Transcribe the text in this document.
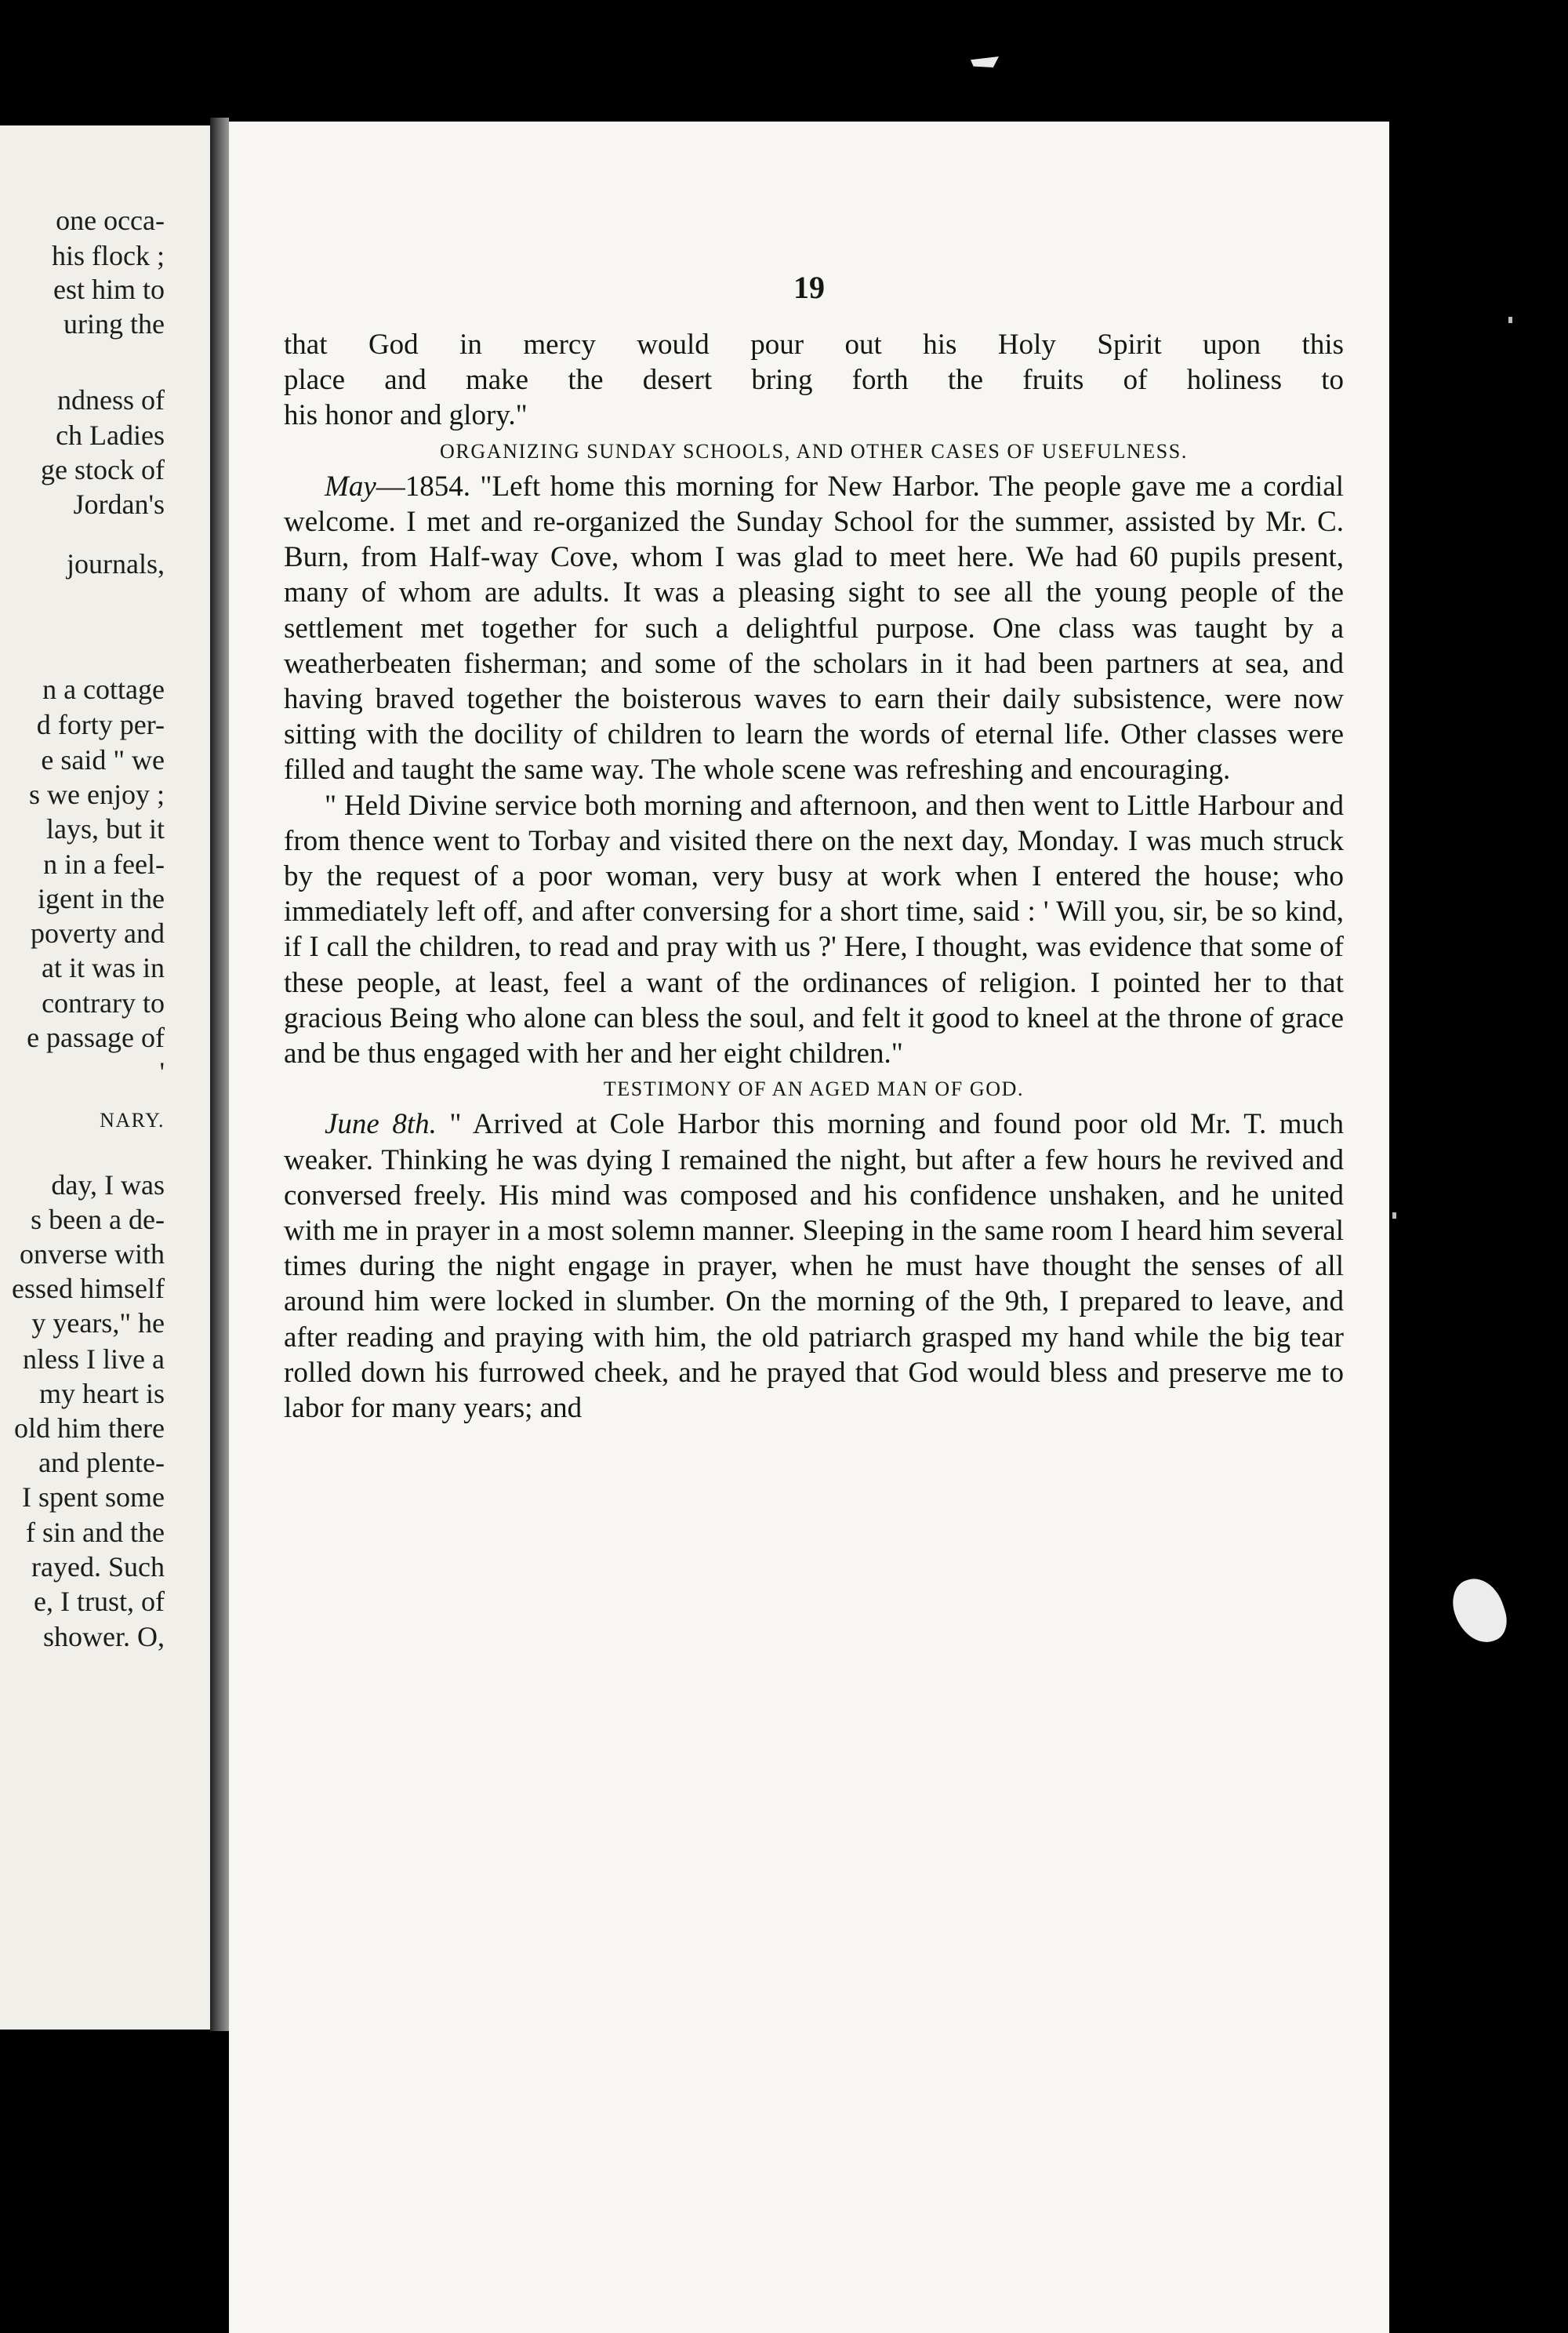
one occa-
his flock ;
est him to
uring the
ndness of
ch Ladies
ge stock of
Jordan's
journals,
n a cottage
d forty per-
e said " we
s we enjoy ;
lays, but it
n in a feel-
igent in the
poverty and
at it was in
contrary to
e passage of
'
NARY.
day, I was
s been a de-
onverse with
essed himself
y years," he
nless I live a
my heart is
old him there
and plente-
I spent some
f sin and the
rayed. Such
e, I trust, of
shower. O,
19

that God in mercy would pour out his Holy Spirit upon this
place and make the desert bring forth the fruits of holiness to
his honor and glory."

ORGANIZING SUNDAY SCHOOLS, AND OTHER CASES OF USEFULNESS.

May—1854. "Left home this morning for New Harbor. The people gave me a cordial welcome. I met and re-organized the Sunday School for the summer, assisted by Mr. C. Burn, from Half-way Cove, whom I was glad to meet here. We had 60 pupils present, many of whom are adults. It was a pleasing sight to see all the young people of the settlement met together for such a delightful purpose. One class was taught by a weatherbeaten fisherman; and some of the scholars in it had been partners at sea, and having braved together the boisterous waves to earn their daily subsistence, were now sitting with the docility of children to learn the words of eternal life. Other classes were filled and taught the same way. The whole scene was refreshing and encouraging.

" Held Divine service both morning and afternoon, and then went to Little Harbour and from thence went to Torbay and visited there on the next day, Monday. I was much struck by the request of a poor woman, very busy at work when I entered the house; who immediately left off, and after conversing for a short time, said : ' Will you, sir, be so kind, if I call the children, to read and pray with us ?' Here, I thought, was evidence that some of these people, at least, feel a want of the ordinances of religion. I pointed her to that gracious Being who alone can bless the soul, and felt it good to kneel at the throne of grace and be thus engaged with her and her eight children."

TESTIMONY OF AN AGED MAN OF GOD.

June 8th. " Arrived at Cole Harbor this morning and found poor old Mr. T. much weaker. Thinking he was dying I remained the night, but after a few hours he revived and conversed freely. His mind was composed and his confidence unshaken, and he united with me in prayer in a most solemn manner. Sleeping in the same room I heard him several times during the night engage in prayer, when he must have thought the senses of all around him were locked in slumber. On the morning of the 9th, I prepared to leave, and after reading and praying with him, the old patriarch grasped my hand while the big tear rolled down his furrowed cheek, and he prayed that God would bless and preserve me to labor for many years; and
